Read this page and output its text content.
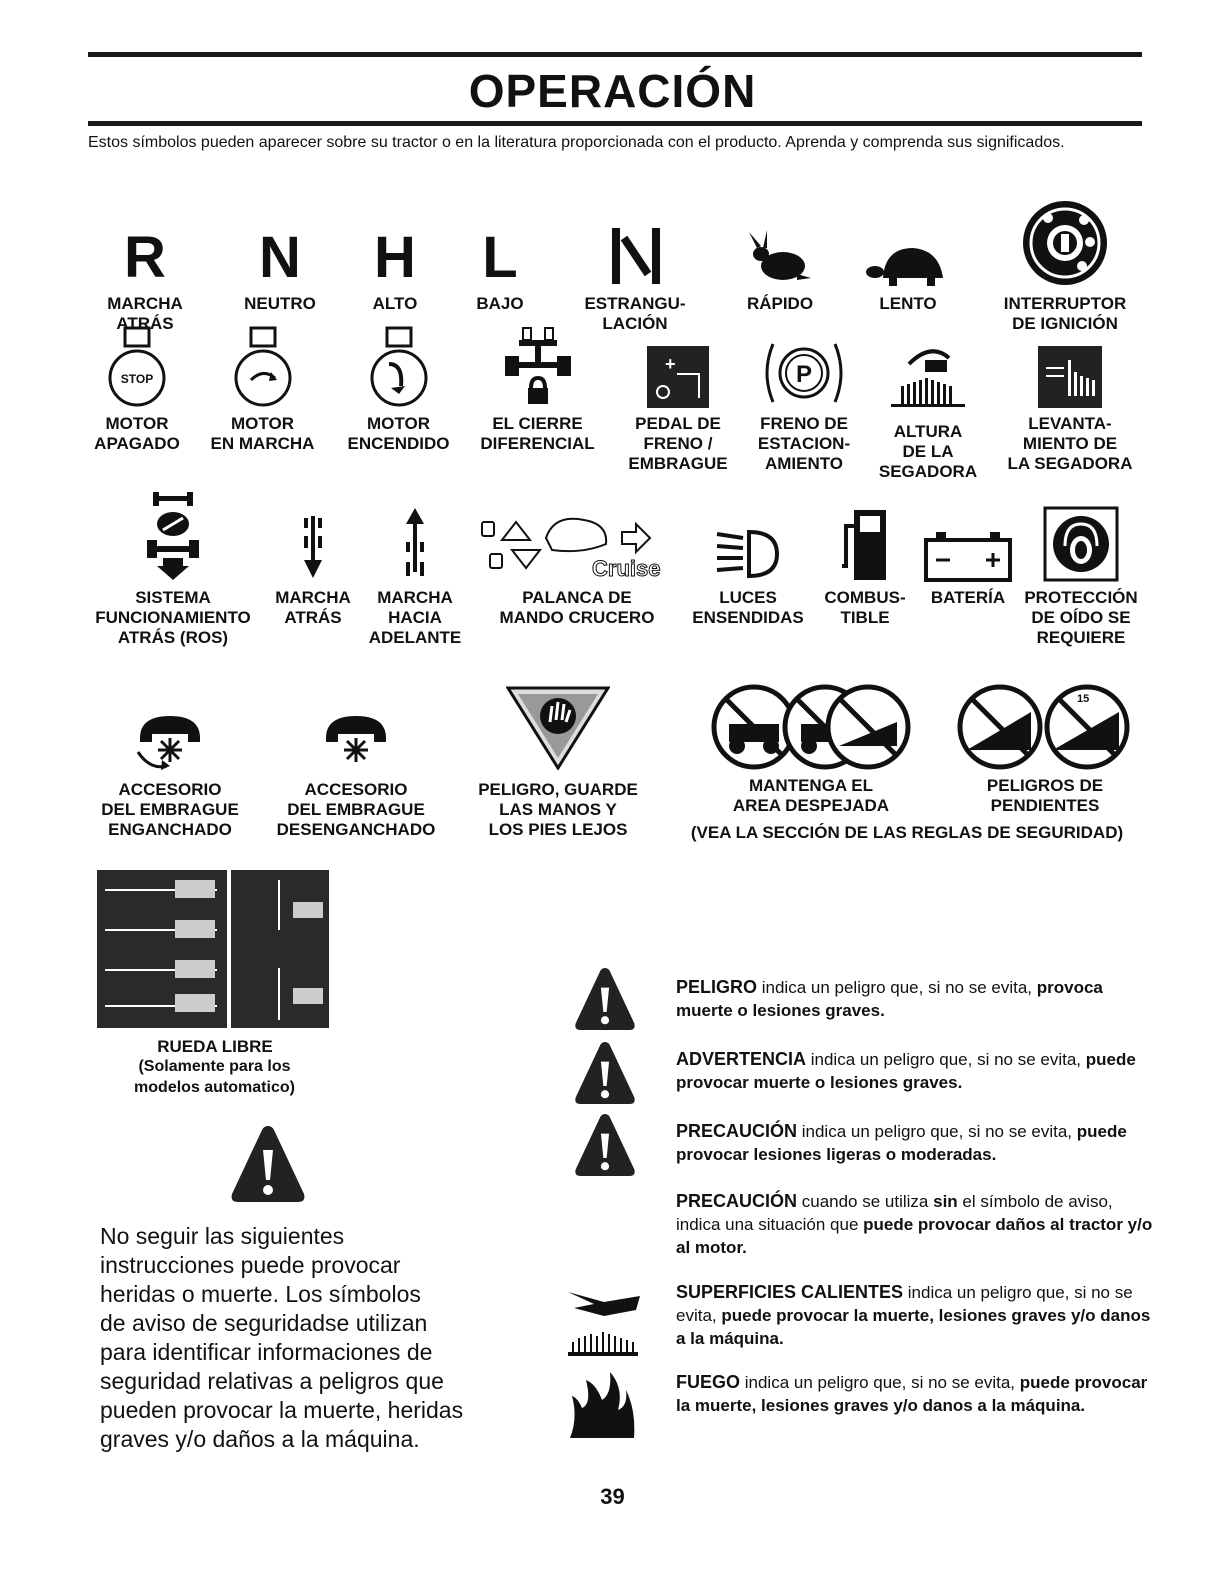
OPERACIÓN
Estos símbolos pueden aparecer sobre su tractor o en la literatura proporcionada con el producto. Aprenda y comprenda sus significados.
R
MARCHA
ATRÁS
N
NEUTRO
H
ALTO
L
BAJO	ESTRANGU-
LACIÓN
RÁPIDO	LENTO	INTERRUPTOR
DE IGNICIÓN
STOP
MOTOR
APAGADO
MOTOR
EN MARCHA
MOTOR
ENCENDIDO
EL CIERRE
DIFERENCIAL
+
PEDAL DE
FRENO /
EMBRAGUE
P
FRENO DE
ESTACION-
AMIENTO
ALTURA
DE LA
SEGADORA
LEVANTA-
MIENTO DE
LA SEGADORA
SISTEMA
FUNCIONAMIENTO
ATRÁS (ROS)
MARCHA
ATRÁS
MARCHA
HACIA
ADELANTE
Cruise
PALANCA DE
MANDO CRUCERO
LUCES
ENSENDIDAS
COMBUS-
TIBLE
BATERÍA	PROTECCIÓN
DE OÍDO SE
REQUIERE
ACCESORIO
DEL EMBRAGUE
ENGANCHADO
ACCESORIO
DEL EMBRAGUE
DESENGANCHADO
PELIGRO, GUARDE
LAS MANOS Y
LOS PIES LEJOS
MANTENGA EL
AREA DESPEJADA
15
PELIGROS DE
PENDIENTES
(VEA LA SECCIÓN DE LAS REGLAS DE SEGURIDAD)
RUEDA LIBRE
(Solamente para los
modelos automatico)
No seguir las siguientes
instrucciones puede provocar
heridas o muerte. Los símbolos
de aviso de seguridadse utilizan
para identificar informaciones de
seguridad relativas a peligros que
pueden provocar la muerte, heridas
graves y/o daños a la máquina.
PELIGRO indica un peligro que, si no se evita, provoca muerte o lesiones graves.
ADVERTENCIA indica un peligro que, si no se evita, puede provocar muerte o lesiones graves.
PRECAUCIÓN indica un peligro que, si no se evita, puede provocar lesiones ligeras o moderadas.
PRECAUCIÓN cuando se utiliza sin el símbolo de aviso, indica una situación que puede provocar daños al tractor y/o al motor.
SUPERFICIES CALIENTES indica un peligro que, si no se evita, puede provocar la muerte, lesiones graves y/o danos a la máquina.
FUEGO indica un peligro que, si no se evita, puede provocar la muerte, lesiones graves y/o danos a la máquina.
39
